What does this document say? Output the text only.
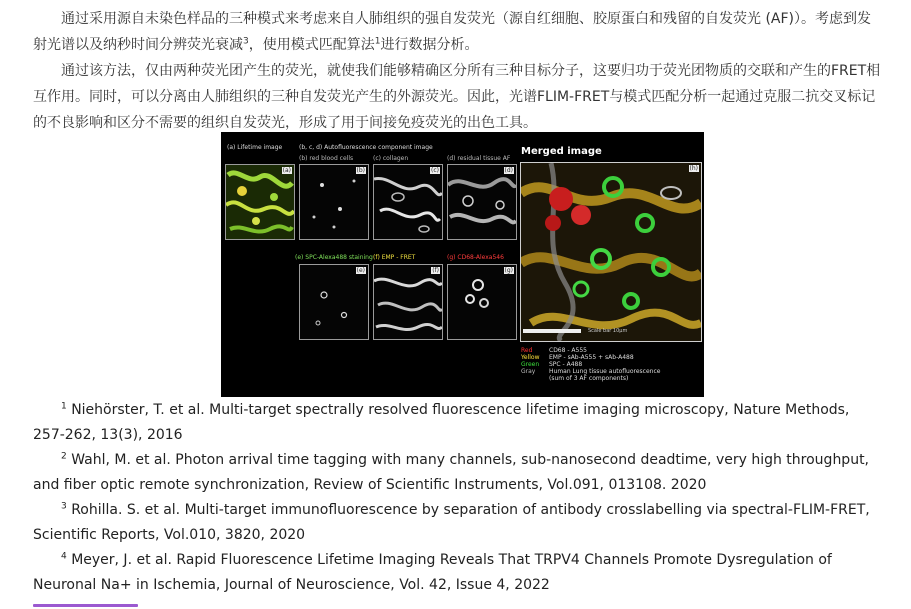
通过采用源自未染色样品的三种模式来考虑来自人肺组织的强自发荧光（源自红细胞、胶原蛋白和残留的自发荧光 (AF)）。考虑到发射光谱以及纳秒时间分辨荧光衰减$^3$，使用模式匹配算法$^1$进行数据分析。

通过该方法，仅由两种荧光团产生的荧光，就使我们能够精确区分所有三种目标分子，这要归功于荧光团物质的交联和产生的FRET相互作用。同时，可以分离由人肺组织的三种自发荧光产生的外源荧光。因此，光谱FLIM-FRET与模式匹配分析一起通过克服二抗交叉标记的不良影响和区分不需要的组织自发荧光，形成了用于间接免疫荧光的出色工具。

(a) Lifetime image	(b, c, d) Autofluorescence component image
(b) red blood cells	(c) collagen	(d) residual tissue AF
(a)	(b)	(c)	(d)
(e) SPC-Alexa488 staining (f) EMP - FRET	(g) CD68-Alexa546
(e)	(f)	(g)
Merged image
(h)
Scale bar 10µm
Red	CD68 - A555
Yellow EMP - sAb-A555 + sAb-A488
Green SPC - A488
Gray Human Lung tissue autofluorescence
(sum of 3 AF components)

$^1$ Niehörster, T. et al. Multi-target spectrally resolved fluorescence lifetime imaging microscopy, Nature Methods, 257-262, 13(3), 2016

$^2$ Wahl, M. et al. Photon arrival time tagging with many channels, sub-nanosecond deadtime, very high throughput, and fiber optic remote synchronization, Review of Scientific Instruments, Vol.091, 013108. 2020

$^3$ Rohilla. S. et al. Multi-target immunofluorescence by separation of antibody crosslabelling via spectral-FLIM-FRET, Scientific Reports, Vol.010, 3820, 2020

$^4$ Meyer, J. et al. Rapid Fluorescence Lifetime Imaging Reveals That TRPV4 Channels Promote Dysregulation of Neuronal Na+ in Ischemia, Journal of Neuroscience, Vol. 42, Issue 4, 2022
